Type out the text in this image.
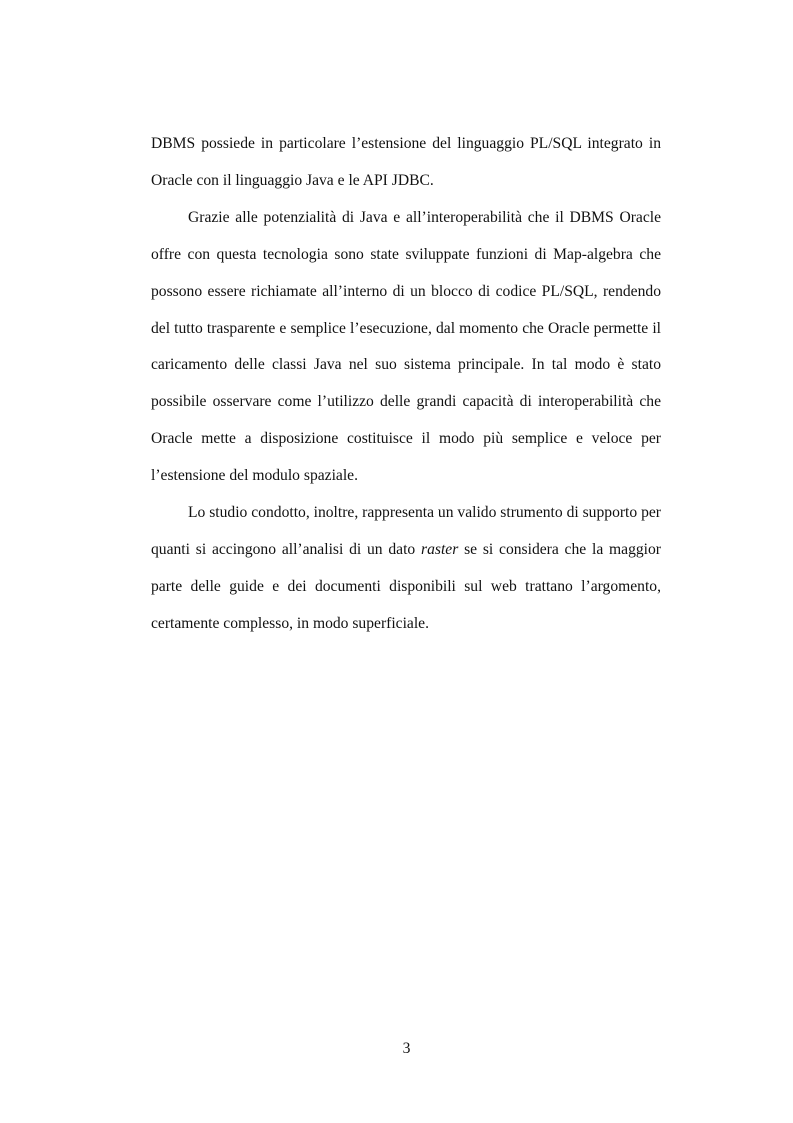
DBMS possiede in particolare l’estensione del linguaggio PL/SQL integrato in Oracle con il linguaggio Java e le API JDBC.

Grazie alle potenzialità di Java e all’interoperabilità che il DBMS Oracle offre con questa tecnologia sono state sviluppate funzioni di Map-algebra che possono essere richiamate all’interno di un blocco di codice PL/SQL, rendendo del tutto trasparente e semplice l’esecuzione, dal momento che Oracle permette il caricamento delle classi Java nel suo sistema principale. In tal modo è stato possibile osservare come l’utilizzo delle grandi capacità di interoperabilità che Oracle mette a disposizione costituisce il modo più semplice e veloce per l’estensione del modulo spaziale.

Lo studio condotto, inoltre, rappresenta un valido strumento di supporto per quanti si accingono all’analisi di un dato raster se si considera che la maggior parte delle guide e dei documenti disponibili sul web trattano l’argomento, certamente complesso, in modo superficiale.

3
